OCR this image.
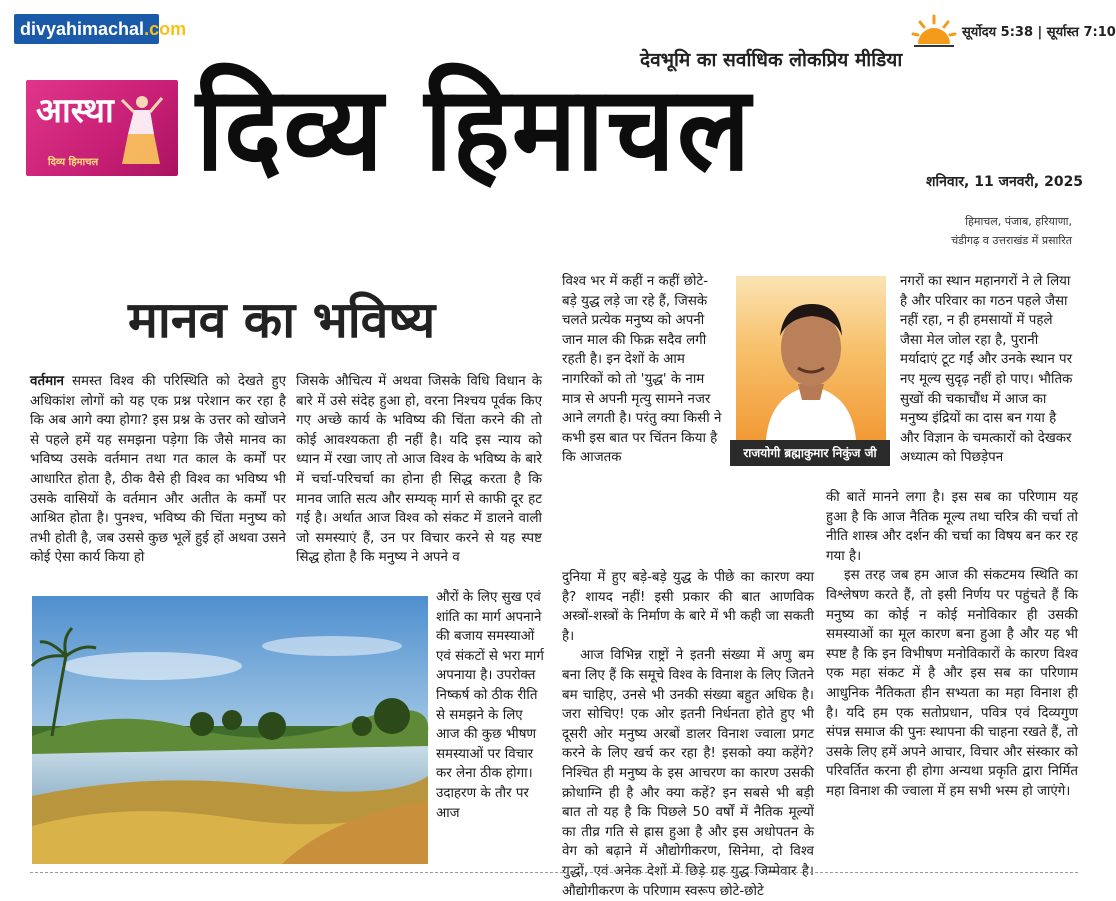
divyahimachal.com
आस्था
दिव्य हिमाचल
देवभूमि का सर्वाधिक लोकप्रिय मीडिया
दिव्य हिमाचल
सूर्योदय 5:38 | सूर्यास्त 7:10
शनिवार, 11 जनवरी, 2025
हिमाचल, पंजाब, हरियाणा,
चंडीगढ़ व उत्तराखंड में प्रसारित
मानव का भविष्य

वर्तमान समस्त विश्व की परिस्थिति को देखते हुए अधिकांश लोगों को यह एक प्रश्न परेशान कर रहा है कि अब आगे क्या होगा? इस प्रश्न के उत्तर को खोजने से पहले हमें यह समझना पड़ेगा कि जैसे मानव का भविष्य उसके वर्तमान तथा गत काल के कर्मों पर आधारित होता है, ठीक वैसे ही विश्व का भविष्य भी उसके वासियों के वर्तमान और अतीत के कर्मों पर आश्रित होता है। पुनश्च, भविष्य की चिंता मनुष्य को तभी होती है, जब उससे कुछ भूलें हुई हों अथवा उसने कोई ऐसा कार्य किया हो

जिसके औचित्य में अथवा जिसके विधि विधान के बारे में उसे संदेह हुआ हो, वरना निश्चय पूर्वक किए गए अच्छे कार्य के भविष्य की चिंता करने की तो कोई आवश्यकता ही नहीं है। यदि इस न्याय को ध्यान में रखा जाए तो आज विश्व के भविष्य के बारे में चर्चा-परिचर्चा का होना ही सिद्ध करता है कि मानव जाति सत्य और सम्यक् मार्ग से काफी दूर हट गई है। अर्थात आज विश्व को संकट में डालने वाली जो समस्याएं हैं, उन पर विचार करने से यह स्पष्ट सिद्ध होता है कि मनुष्य ने अपने व

औरों के लिए सुख एवं शांति का मार्ग अपनाने की बजाय समस्याओं एवं संकटों से भरा मार्ग अपनाया है। उपरोक्त निष्कर्ष को ठीक रीति से समझने के लिए आज की कुछ भीषण समस्याओं पर विचार कर लेना ठीक होगा। उदाहरण के तौर पर आज

विश्व भर में कहीं न कहीं छोटे-बड़े युद्ध लड़े जा रहे हैं, जिसके चलते प्रत्येक मनुष्य को अपनी जान माल की फिक्र सदैव लगी रहती है। इन देशों के आम नागरिकों को तो 'युद्ध' के नाम मात्र से अपनी मृत्यु सामने नजर आने लगती है। परंतु क्या किसी ने कभी इस बात पर चिंतन किया है कि आजतक	राजयोगी ब्रह्माकुमार निकुंज जी

दुनिया में हुए बड़े-बड़े युद्ध के पीछे का कारण क्या है? शायद नहीं! इसी प्रकार की बात आणविक अस्त्रों-शस्त्रों के निर्माण के बारे में भी कही जा सकती है।

आज विभिन्न राष्ट्रों ने इतनी संख्या में अणु बम बना लिए हैं कि समूचे विश्व के विनाश के लिए जितने बम चाहिए, उनसे भी उनकी संख्या बहुत अधिक है। जरा सोचिए! एक ओर इतनी निर्धनता होते हुए भी दूसरी ओर मनुष्य अरबों डालर विनाश ज्वाला प्रगट करने के लिए खर्च कर रहा है! इसको क्या कहेंगे? निश्चित ही मनुष्य के इस आचरण का कारण उसकी क्रोधाग्नि ही है और क्या कहें? इन सबसे भी बड़ी बात तो यह है कि पिछले 50 वर्षों में नैतिक मूल्यों का तीव्र गति से ह्रास हुआ है और इस अधोपतन के वेग को बढ़ाने में औद्योगीकरण, सिनेमा, दो विश्व युद्धों, एवं अनेक देशों में छिड़े ग्रह युद्ध जिम्मेवार है। औद्योगीकरण के परिणाम स्वरूप छोटे-छोटे

नगरों का स्थान महानगरों ने ले लिया है और परिवार का गठन पहले जैसा नहीं रहा, न ही हमसायों में पहले जैसा मेल जोल रहा है, पुरानी मर्यादाएं टूट गईं और उनके स्थान पर नए मूल्य सुदृढ़ नहीं हो पाए। भौतिक सुखों की चकाचौंध में आज का मनुष्य इंद्रियों का दास बन गया है और विज्ञान के चमत्कारों को देखकर अध्यात्म को पिछड़ेपन

की बातें मानने लगा है। इस सब का परिणाम यह हुआ है कि आज नैतिक मूल्य तथा चरित्र की चर्चा तो नीति शास्त्र और दर्शन की चर्चा का विषय बन कर रह गया है।

इस तरह जब हम आज की संकटमय स्थिति का विश्लेषण करते हैं, तो इसी निर्णय पर पहुंचते हैं कि मनुष्य का कोई न कोई मनोविकार ही उसकी समस्याओं का मूल कारण बना हुआ है और यह भी स्पष्ट है कि इन विभीषण मनोविकारों के कारण विश्व एक महा संकट में है और इस सब का परिणाम आधुनिक नैतिकता हीन सभ्यता का महा विनाश ही है। यदि हम एक सतोप्रधान, पवित्र एवं दिव्यगुण संपन्न समाज की पुनः स्थापना की चाहना रखते हैं, तो उसके लिए हमें अपने आचार, विचार और संस्कार को परिवर्तित करना ही होगा अन्यथा प्रकृति द्वारा निर्मित महा विनाश की ज्वाला में हम सभी भस्म हो जाएंगे।
